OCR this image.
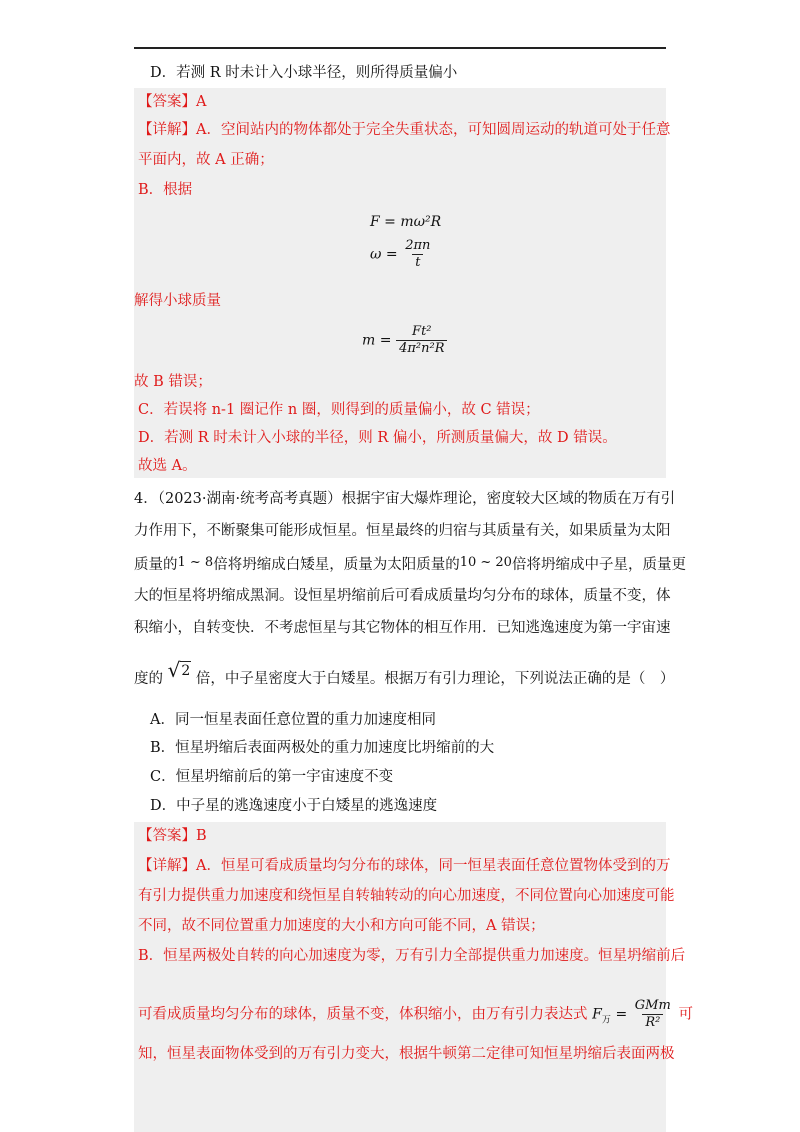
D．若测 R 时未计入小球半径，则所得质量偏小
【答案】A
【详解】A．空间站内的物体都处于完全失重状态，可知圆周运动的轨道可处于任意
平面内，故 A 正确；
B．根据
F = mω²R
$\omega = \frac{2\pi n}{t}$
解得小球质量
$m = \frac{\text{Ft²}}{\text{4π²n²R}}$
故 B 错误；
C．若误将 n-1 圈记作 n 圈，则得到的质量偏小，故 C 错误；
D．若测 R 时未计入小球的半径，则 R 偏小，所测质量偏大，故 D 错误。
故选 A。
4．（2023·湖南·统考高考真题）根据宇宙大爆炸理论，密度较大区域的物质在万有引
力作用下，不断聚集可能形成恒星。恒星最终的归宿与其质量有关，如果质量为太阳
质量的1 ~ 8倍将坍缩成白矮星，质量为太阳质量的10 ~ 20倍将坍缩成中子星，质量更
大的恒星将坍缩成黑洞。设恒星坍缩前后可看成质量均匀分布的球体，质量不变，体
积缩小，自转变快．不考虑恒星与其它物体的相互作用．已知逃逸速度为第一宇宙速
度的 √ 2 倍，中子星密度大于白矮星。根据万有引力理论，下列说法正确的是（　）
A．同一恒星表面任意位置的重力加速度相同
B．恒星坍缩后表面两极处的重力加速度比坍缩前的大
C．恒星坍缩前后的第一宇宙速度不变
D．中子星的逃逸速度小于白矮星的逃逸速度
【答案】B
【详解】A．恒星可看成质量均匀分布的球体，同一恒星表面任意位置物体受到的万
有引力提供重力加速度和绕恒星自转轴转动的向心加速度，不同位置向心加速度可能
不同，故不同位置重力加速度的大小和方向可能不同，A 错误；
B．恒星两极处自转的向心加速度为零，万有引力全部提供重力加速度。恒星坍缩前后
可看成质量均匀分布的球体，质量不变，体积缩小，由万有引力表达式 $F_万 = \frac{\text{GMm}}{\text{R²}}$ 可
知，恒星表面物体受到的万有引力变大，根据牛顿第二定律可知恒星坍缩后表面两极
